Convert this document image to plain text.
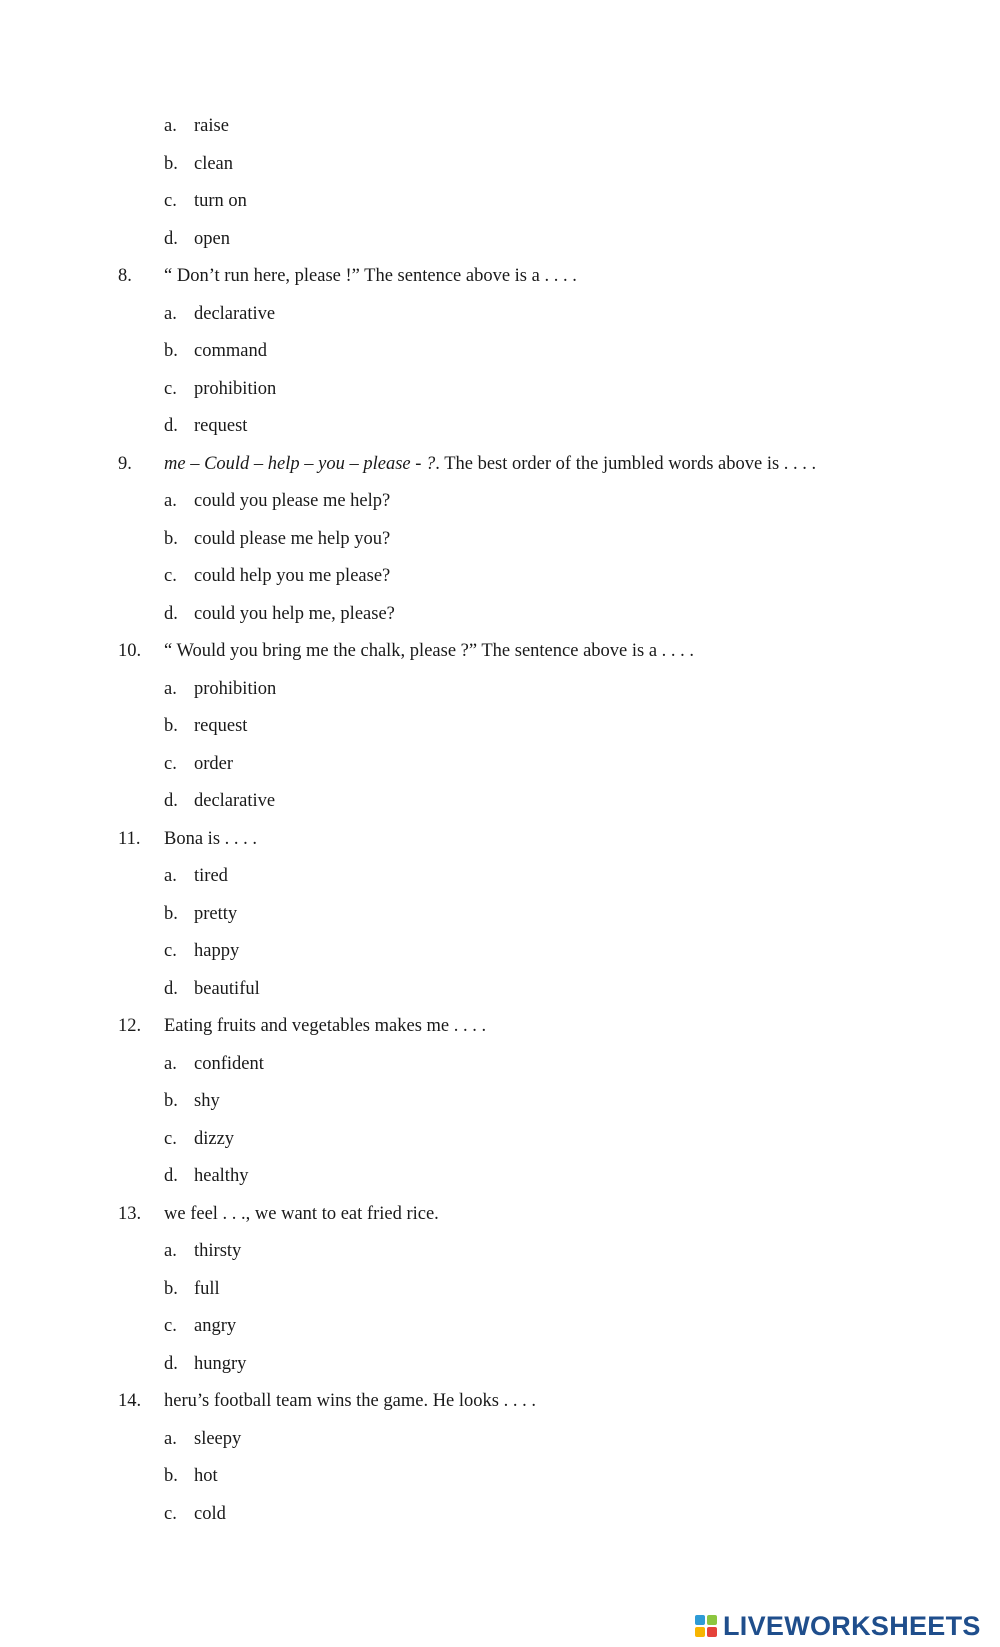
a. raise
b. clean
c. turn on
d. open
8. “ Don’t run here, please !” The sentence above is a . . . .
a. declarative
b. command
c. prohibition
d. request
9. me – Could – help – you – please - ?. The best order of the jumbled words above is . . . .
a. could you please me help?
b. could please me help you?
c. could help you me please?
d. could you help me, please?
10. “ Would you bring me the chalk, please ?” The sentence above is a . . . .
a. prohibition
b. request
c. order
d. declarative
11. Bona is . . . .
a. tired
b. pretty
c. happy
d. beautiful
12. Eating fruits and vegetables makes me . . . .
a. confident
b. shy
c. dizzy
d. healthy
13. we feel . . ., we want to eat fried rice.
a. thirsty
b. full
c. angry
d. hungry
14. heru’s football team wins the game. He looks . . . .
a. sleepy
b. hot
c. cold
LIVEWORKSHEETS
